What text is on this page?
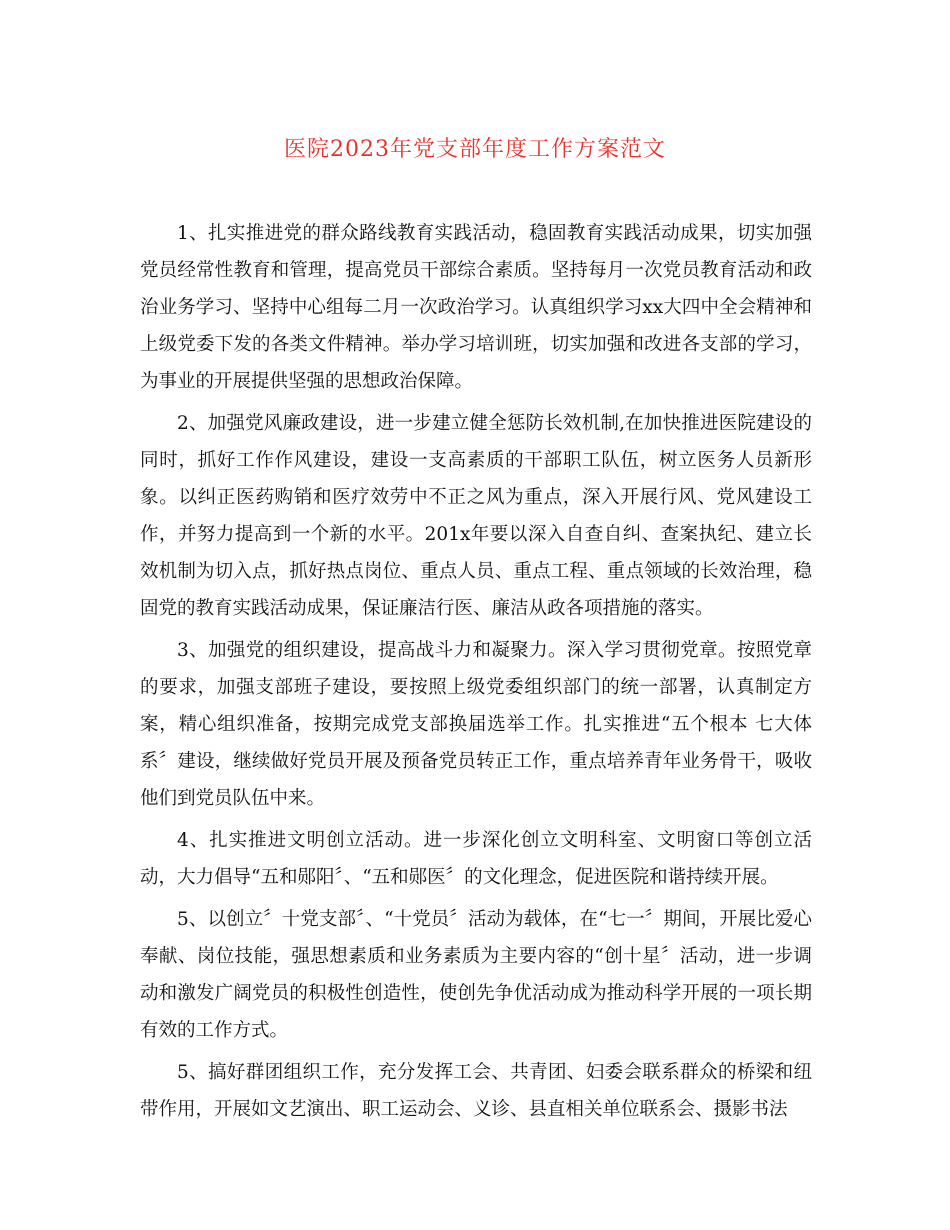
医院2023年党支部年度工作方案范文

1、扎实推进党的群众路线教育实践活动，稳固教育实践活动成果，切实加强党员经常性教育和管理，提高党员干部综合素质。坚持每月一次党员教育活动和政治业务学习、坚持中心组每二月一次政治学习。认真组织学习xx大四中全会精神和上级党委下发的各类文件精神。举办学习培训班，切实加强和改进各支部的学习，为事业的开展提供坚强的思想政治保障。

2、加强党风廉政建设，进一步建立健全惩防长效机制,在加快推进医院建设的同时，抓好工作作风建设，建设一支高素质的干部职工队伍，树立医务人员新形象。以纠正医药购销和医疗效劳中不正之风为重点，深入开展行风、党风建设工作，并努力提高到一个新的水平。201x年要以深入自查自纠、查案执纪、建立长效机制为切入点，抓好热点岗位、重点人员、重点工程、重点领域的长效治理，稳固党的教育实践活动成果，保证廉洁行医、廉洁从政各项措施的落实。

3、加强党的组织建设，提高战斗力和凝聚力。深入学习贯彻党章。按照党章的要求，加强支部班子建设，要按照上级党委组织部门的统一部署，认真制定方案，精心组织准备，按期完成党支部换届选举工作。扎实推进“五个根本 七大体系〞建设，继续做好党员开展及预备党员转正工作，重点培养青年业务骨干，吸收他们到党员队伍中来。

4、扎实推进文明创立活动。进一步深化创立文明科室、文明窗口等创立活动，大力倡导“五和郧阳〞、“五和郧医〞的文化理念，促进医院和谐持续开展。

5、以创立〞十党支部〞、“十党员〞活动为载体，在“七一〞期间，开展比爱心奉献、岗位技能，强思想素质和业务素质为主要内容的“创十星〞活动，进一步调动和激发广阔党员的积极性创造性，使创先争优活动成为推动科学开展的一项长期有效的工作方式。

5、搞好群团组织工作，充分发挥工会、共青团、妇委会联系群众的桥梁和纽带作用，开展如文艺演出、职工运动会、义诊、县直相关单位联系会、摄影书法
